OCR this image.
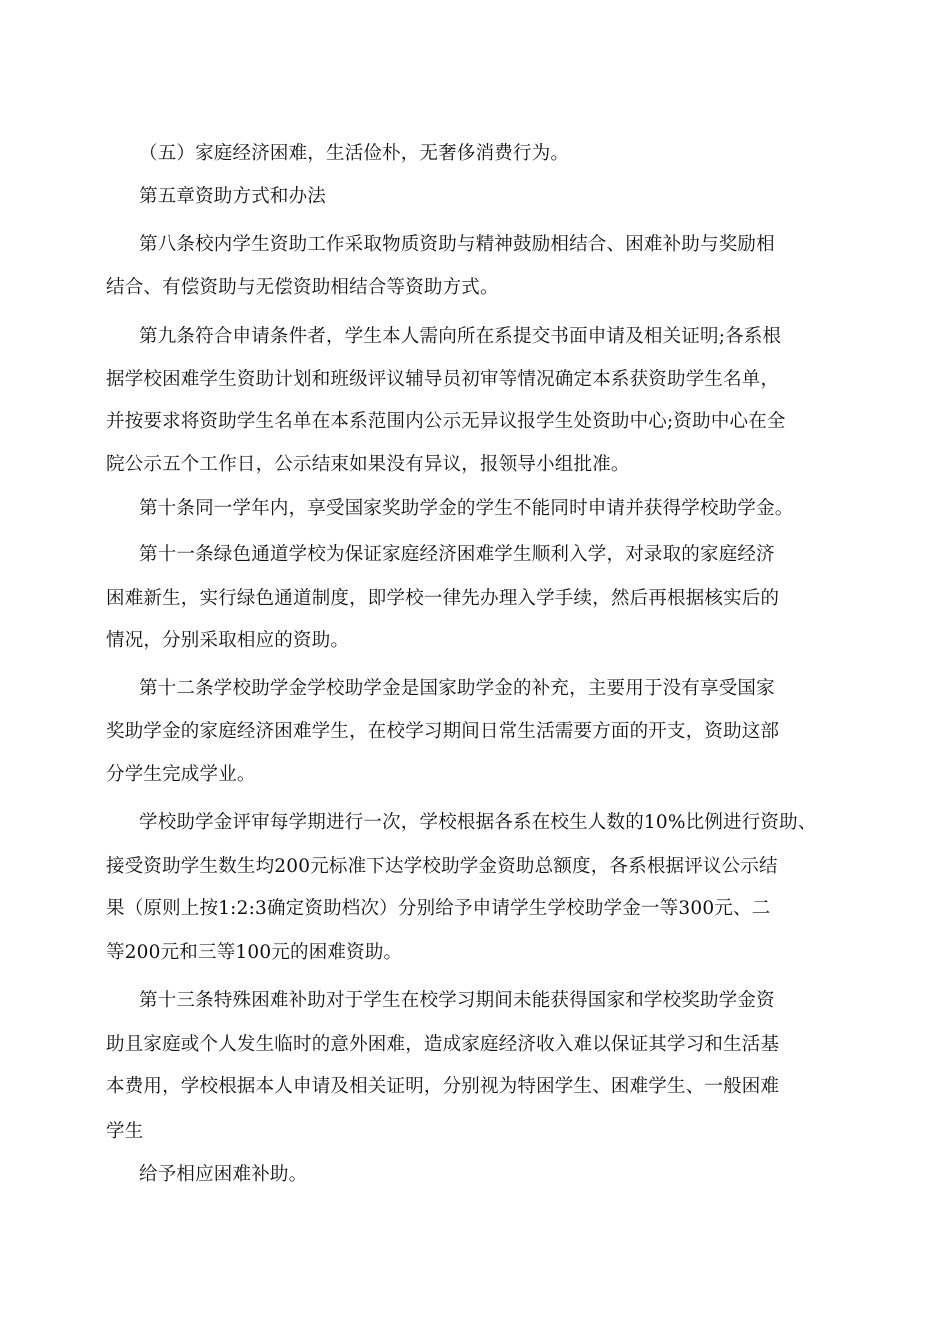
（五）家庭经济困难，生活俭朴，无奢侈消费行为。
第五章资助方式和办法
第八条校内学生资助工作采取物质资助与精神鼓励相结合、困难补助与奖励相
结合、有偿资助与无偿资助相结合等资助方式。
第九条符合申请条件者，学生本人需向所在系提交书面申请及相关证明;各系根
据学校困难学生资助计划和班级评议辅导员初审等情况确定本系获资助学生名单，
并按要求将资助学生名单在本系范围内公示无异议报学生处资助中心;资助中心在全
院公示五个工作日，公示结束如果没有异议，报领导小组批准。
第十条同一学年内，享受国家奖助学金的学生不能同时申请并获得学校助学金。
第十一条绿色通道学校为保证家庭经济困难学生顺利入学，对录取的家庭经济
困难新生，实行绿色通道制度，即学校一律先办理入学手续，然后再根据核实后的
情况，分别采取相应的资助。
第十二条学校助学金学校助学金是国家助学金的补充，主要用于没有享受国家
奖助学金的家庭经济困难学生，在校学习期间日常生活需要方面的开支，资助这部
分学生完成学业。
学校助学金评审每学期进行一次，学校根据各系在校生人数的10%比例进行资助、
接受资助学生数生均200元标准下达学校助学金资助总额度，各系根据评议公示结
果（原则上按1:2:3确定资助档次）分别给予申请学生学校助学金一等300元、二
等200元和三等100元的困难资助。
第十三条特殊困难补助对于学生在校学习期间未能获得国家和学校奖助学金资
助且家庭或个人发生临时的意外困难，造成家庭经济收入难以保证其学习和生活基
本费用，学校根据本人申请及相关证明，分别视为特困学生、困难学生、一般困难
学生
给予相应困难补助。
